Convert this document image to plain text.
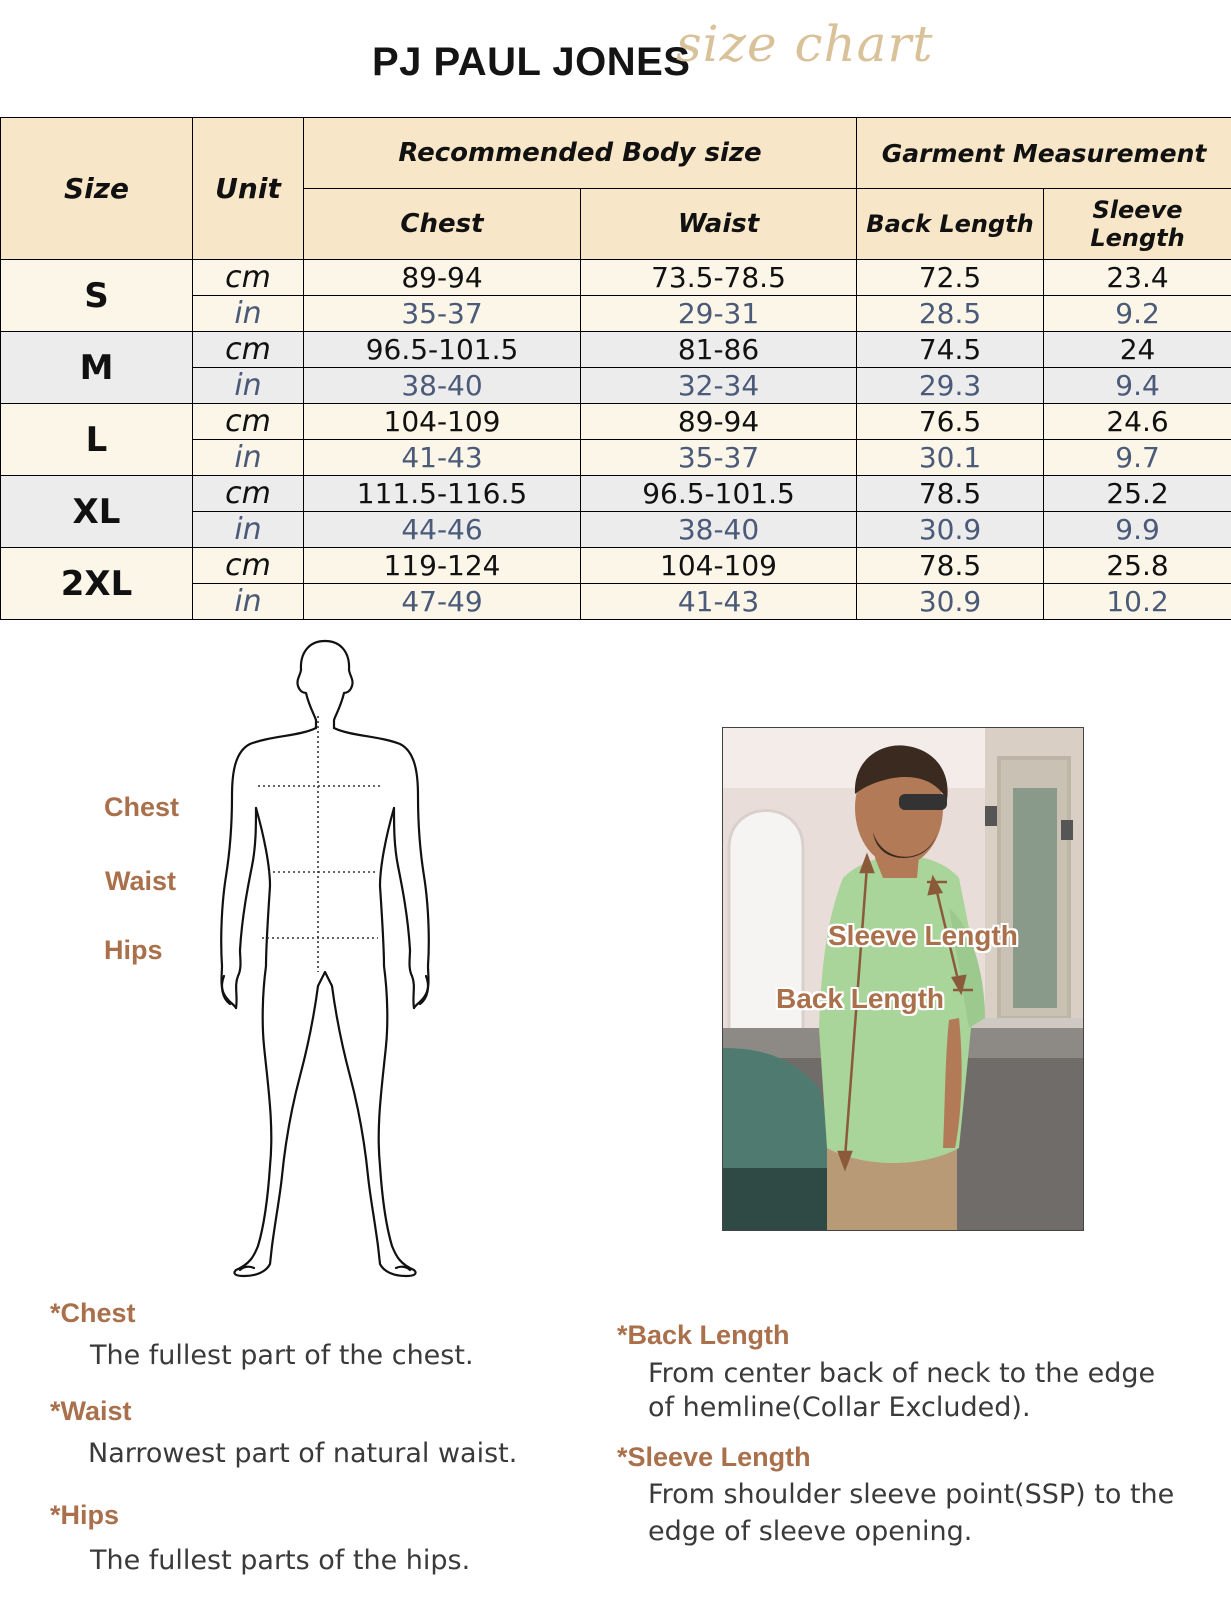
PJ PAUL JONES
size chart
Size	Unit	Recommended Body size		Garment Measurement	
		Chest	Waist	Back Length	Sleeve Length
S	cm	89-94	73.5-78.5	72.5	23.4
	in	35-37	29-31	28.5	9.2
M	cm	96.5-101.5	81-86	74.5	24
	in	38-40	32-34	29.3	9.4
L	cm	104-109	89-94	76.5	24.6
	in	41-43	35-37	30.1	9.7
XL	cm	111.5-116.5	96.5-101.5	78.5	25.2
	in	44-46	38-40	30.9	9.9
2XL	cm	119-124	104-109	78.5	25.8
	in	47-49	41-43	30.9	10.2
Chest
Waist
Hips	Sleeve Length
Back Length
*Chest
The fullest part of the chest.
*Waist
Narrowest part of natural waist.
*Hips
The fullest parts of the hips.
*Back Length
From center back of neck to the edge
of hemline(Collar Excluded).
*Sleeve Length
From shoulder sleeve point(SSP) to the
edge of sleeve opening.
